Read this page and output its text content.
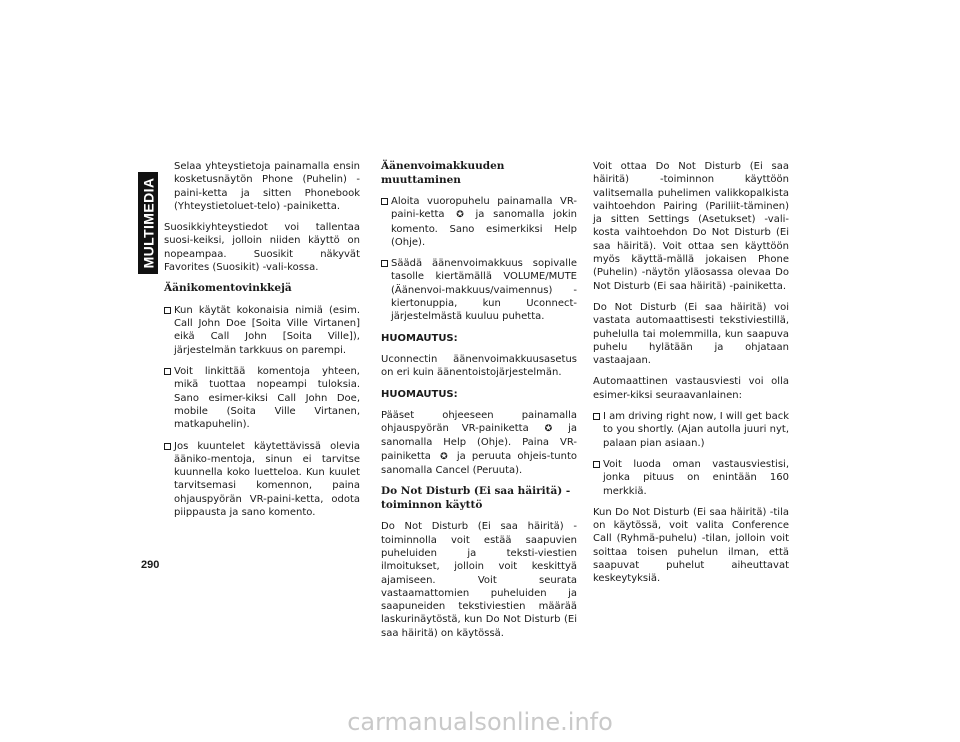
MULTIMEDIA

Selaa yhteystietoja painamalla ensin kosketusnäytön Phone (Puhelin) -paini-ketta ja sitten Phonebook (Yhteystietoluet-telo) -painiketta.

Suosikkiyhteystiedot voi tallentaa suosi-keiksi, jolloin niiden käyttö on nopeampaa. Suosikit näkyvät Favorites (Suosikit) -vali-kossa.

Äänikomentovinkkejä
Kun käytät kokonaisia nimiä (esim. Call John Doe [Soita Ville Virtanen] eikä Call John [Soita Ville]), järjestelmän tarkkuus on parempi.
Voit linkittää komentoja yhteen, mikä tuottaa nopeampi tuloksia. Sano esimer-kiksi Call John Doe, mobile (Soita Ville Virtanen, matkapuhelin).
Jos kuuntelet käytettävissä olevia ääniko-mentoja, sinun ei tarvitse kuunnella koko luetteloa. Kun kuulet tarvitsemasi komennon, paina ohjauspyörän VR-paini-ketta, odota piippausta ja sano komento.
Äänenvoimakkuuden muuttaminen
Aloita vuoropuhelu painamalla VR-paini-ketta ✪ ja sanomalla jokin komento. Sano esimerkiksi Help (Ohje).
Säädä äänenvoimakkuus sopivalle tasolle kiertämällä VOLUME/MUTE (Äänenvoi-makkuus/vaimennus) -kiertonuppia, kun Uconnect-järjestelmästä kuuluu puhetta.

HUOMAUTUS:

Uconnectin äänenvoimakkuusasetus on eri kuin äänentoistojärjestelmän.

HUOMAUTUS:

Pääset ohjeeseen painamalla ohjauspyörän VR-painiketta ✪ ja sanomalla Help (Ohje). Paina VR-painiketta ✪ ja peruuta ohjeis-tunto sanomalla Cancel (Peruuta).

Do Not Disturb (Ei saa häiritä) -toiminnon käyttö

Do Not Disturb (Ei saa häiritä) -toiminnolla voit estää saapuvien puheluiden ja teksti-viestien ilmoitukset, jolloin voit keskittyä ajamiseen. Voit seurata vastaamattomien puheluiden ja saapuneiden tekstiviestien määrää laskurinäytöstä, kun Do Not Disturb (Ei saa häiritä) on käytössä.

Voit ottaa Do Not Disturb (Ei saa häiritä) -toiminnon käyttöön valitsemalla puhelimen valikkopalkista vaihtoehdon Pairing (Pariliit-täminen) ja sitten Settings (Asetukset) -vali-kosta vaihtoehdon Do Not Disturb (Ei saa häiritä). Voit ottaa sen käyttöön myös käyttä-mällä jokaisen Phone (Puhelin) -näytön yläosassa olevaa Do Not Disturb (Ei saa häiritä) -painiketta.

Do Not Disturb (Ei saa häiritä) voi vastata automaattisesti tekstiviestillä, puhelulla tai molemmilla, kun saapuva puhelu hylätään ja ohjataan vastaajaan.

Automaattinen vastausviesti voi olla esimer-kiksi seuraavanlainen:

I am driving right now, I will get back to you shortly. (Ajan autolla juuri nyt, palaan pian asiaan.)
Voit luoda oman vastausviestisi, jonka pituus on enintään 160 merkkiä.

Kun Do Not Disturb (Ei saa häiritä) -tila on käytössä, voit valita Conference Call (Ryhmä-puhelu) -tilan, jolloin voit soittaa toisen puhelun ilman, että saapuvat puhelut aiheuttavat keskeytyksiä.

290
carmanualsonline.info
